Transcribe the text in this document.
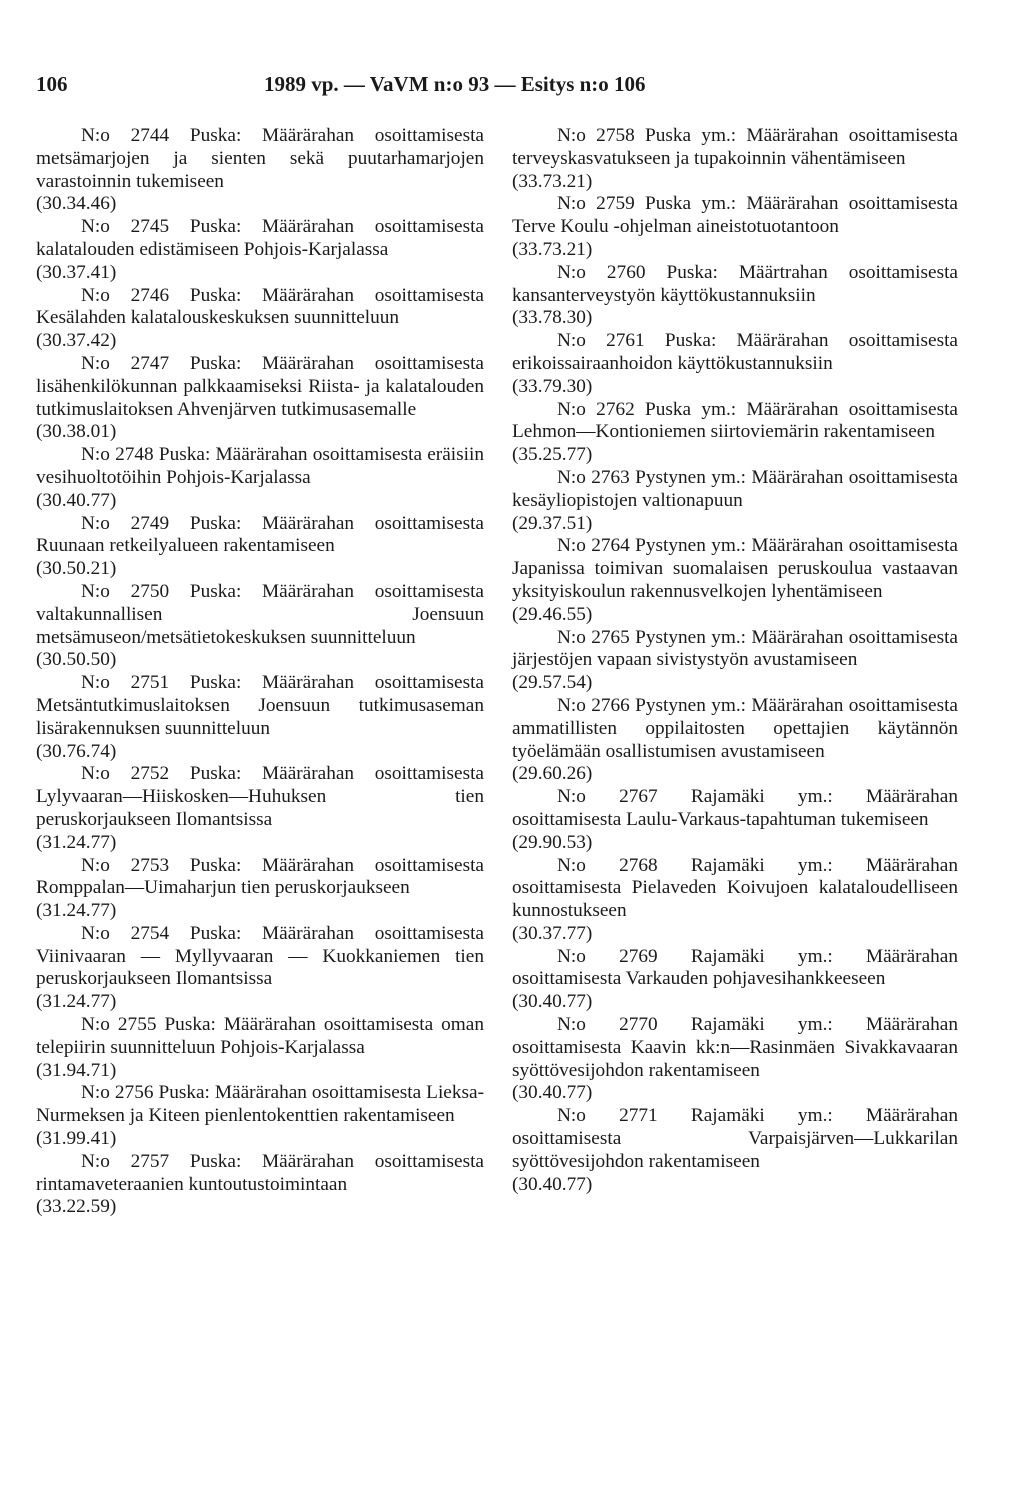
106	1989 vp. — VaVM n:o 93 — Esitys n:o 106

N:o 2744 Puska: Määrärahan osoittamisesta metsämarjojen ja sienten sekä puutarhamarjojen varastoinnin tukemiseen

(30.34.46)

N:o 2745 Puska: Määrärahan osoittamisesta kalatalouden edistämiseen Pohjois-Karjalassa

(30.37.41)

N:o 2746 Puska: Määrärahan osoittamisesta Kesälahden kalatalouskeskuksen suunnitteluun

(30.37.42)

N:o 2747 Puska: Määrärahan osoittamisesta lisähenkilökunnan palkkaamiseksi Riista- ja kalatalouden tutkimuslaitoksen Ahvenjärven tutkimusasemalle

(30.38.01)

N:o 2748 Puska: Määrärahan osoittamisesta eräisiin vesihuoltotöihin Pohjois-Karjalassa

(30.40.77)

N:o 2749 Puska: Määrärahan osoittamisesta Ruunaan retkeilyalueen rakentamiseen

(30.50.21)

N:o 2750 Puska: Määrärahan osoittamisesta valtakunnallisen Joensuun metsämuseon/metsätietokeskuksen suunnitteluun

(30.50.50)

N:o 2751 Puska: Määrärahan osoittamisesta Metsäntutkimuslaitoksen Joensuun tutkimusaseman lisärakennuksen suunnitteluun

(30.76.74)

N:o 2752 Puska: Määrärahan osoittamisesta Lylyvaaran—Hiiskosken—Huhuksen tien peruskorjaukseen Ilomantsissa

(31.24.77)

N:o 2753 Puska: Määrärahan osoittamisesta Romppalan—Uimaharjun tien peruskorjaukseen

(31.24.77)

N:o 2754 Puska: Määrärahan osoittamisesta Viinivaaran — Myllyvaaran — Kuokkaniemen tien peruskorjaukseen Ilomantsissa

(31.24.77)

N:o 2755 Puska: Määrärahan osoittamisesta oman telepiirin suunnitteluun Pohjois-Karjalassa

(31.94.71)

N:o 2756 Puska: Määrärahan osoittamisesta Lieksa-Nurmeksen ja Kiteen pienlentokenttien rakentamiseen

(31.99.41)

N:o 2757 Puska: Määrärahan osoittamisesta rintamaveteraanien kuntoutustoimintaan

(33.22.59)

N:o 2758 Puska ym.: Määrärahan osoittamisesta terveyskasvatukseen ja tupakoinnin vähentämiseen

(33.73.21)

N:o 2759 Puska ym.: Määrärahan osoittamisesta Terve Koulu -ohjelman aineistotuotantoon

(33.73.21)

N:o 2760 Puska: Määrtrahan osoittamisesta kansanterveystyön käyttökustannuksiin

(33.78.30)

N:o 2761 Puska: Määrärahan osoittamisesta erikoissairaanhoidon käyttökustannuksiin

(33.79.30)

N:o 2762 Puska ym.: Määrärahan osoittamisesta Lehmon—Kontioniemen siirtoviemärin rakentamiseen

(35.25.77)

N:o 2763 Pystynen ym.: Määrärahan osoittamisesta kesäyliopistojen valtionapuun

(29.37.51)

N:o 2764 Pystynen ym.: Määrärahan osoittamisesta Japanissa toimivan suomalaisen peruskoulua vastaavan yksityiskoulun rakennusvelkojen lyhentämiseen

(29.46.55)

N:o 2765 Pystynen ym.: Määrärahan osoittamisesta järjestöjen vapaan sivistystyön avustamiseen

(29.57.54)

N:o 2766 Pystynen ym.: Määrärahan osoittamisesta ammatillisten oppilaitosten opettajien käytännön työelämään osallistumisen avustamiseen

(29.60.26)

N:o 2767 Rajamäki ym.: Määrärahan osoittamisesta Laulu-Varkaus-tapahtuman tukemiseen

(29.90.53)

N:o 2768 Rajamäki ym.: Määrärahan osoittamisesta Pielaveden Koivujoen kalataloudelliseen kunnostukseen

(30.37.77)

N:o 2769 Rajamäki ym.: Määrärahan osoittamisesta Varkauden pohjavesihankkeeseen

(30.40.77)

N:o 2770 Rajamäki ym.: Määrärahan osoittamisesta Kaavin kk:n—Rasinmäen Sivakkavaaran syöttövesijohdon rakentamiseen

(30.40.77)

N:o 2771 Rajamäki ym.: Määrärahan osoittamisesta Varpaisjärven—Lukkarilan syöttövesijohdon rakentamiseen

(30.40.77)
